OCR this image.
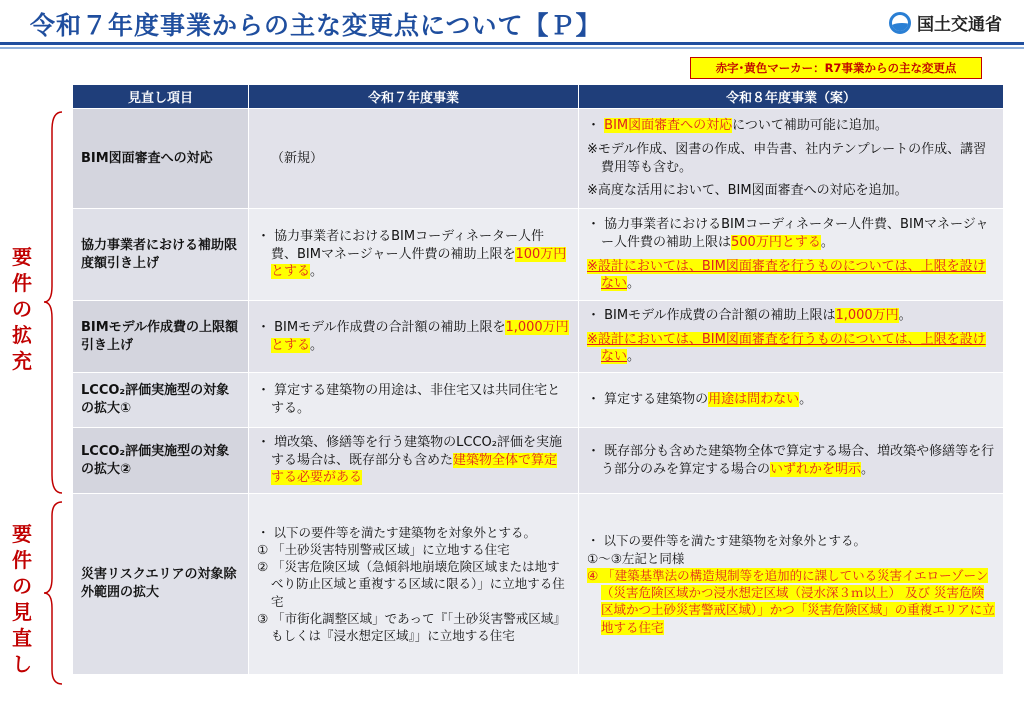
令和７年度事業からの主な変更点について【Ｐ】	国土交通省
赤字･黄色マーカー：R7事業からの主な変更点
要件の拡充
要件の見直し
見直し項目	令和７年度事業	令和８年度事業（案）
BIM図面審査への対応	（新規）	・ BIM図面審査への対応について補助可能に追加。
※モデル作成、図書の作成、申告書、社内テンプレートの作成、講習費用等も含む。
※高度な活用において、BIM図面審査への対応を追加。

協力事業者における補助限度額引き上げ	・ 協力事業者におけるBIMコーディネーター人件費、BIMマネージャー人件費の補助上限を100万円とする。	・ 協力事業者におけるBIMコーディネーター人件費、BIMマネージャー人件費の補助上限は500万円とする。
※設計においては、BIM図面審査を行うものについては、上限を設けない。

BIMモデル作成費の上限額引き上げ	・ BIMモデル作成費の合計額の補助上限を1,000万円とする。	・ BIMモデル作成費の合計額の補助上限は1,000万円。
※設計においては、BIM図面審査を行うものについては、上限を設けない。

LCCO₂評価実施型の対象の拡大①	・ 算定する建築物の用途は、非住宅又は共同住宅とする。	・ 算定する建築物の用途は問わない。

LCCO₂評価実施型の対象の拡大②	・ 増改築、修繕等を行う建築物のLCCO₂評価を実施する場合は、既存部分も含めた建築物全体で算定する必要がある	・ 既存部分も含めた建築物全体で算定する場合、増改築や修繕等を行う部分のみを算定する場合のいずれかを明示。

災害リスクエリアの対象除外範囲の拡大	・ 以下の要件等を満たす建築物を対象外とする。
① 「土砂災害特別警戒区域」に立地する住宅
② 「災害危険区域（急傾斜地崩壊危険区域または地すべり防止区域と重複する区域に限る）」に立地する住宅
③ 「市街化調整区域」であって『「土砂災害警戒区域』もしくは『浸水想定区域』」に立地する住宅	・ 以下の要件等を満たす建築物を対象外とする。
①～③左記と同様
④ 「建築基準法の構造規制等を追加的に課している災害イエローゾーン（災害危険区域かつ浸水想定区域（浸水深３ｍ以上） 及び 災害危険区域かつ土砂災害警戒区域）」かつ「災害危険区域」の重複エリアに立地する住宅
